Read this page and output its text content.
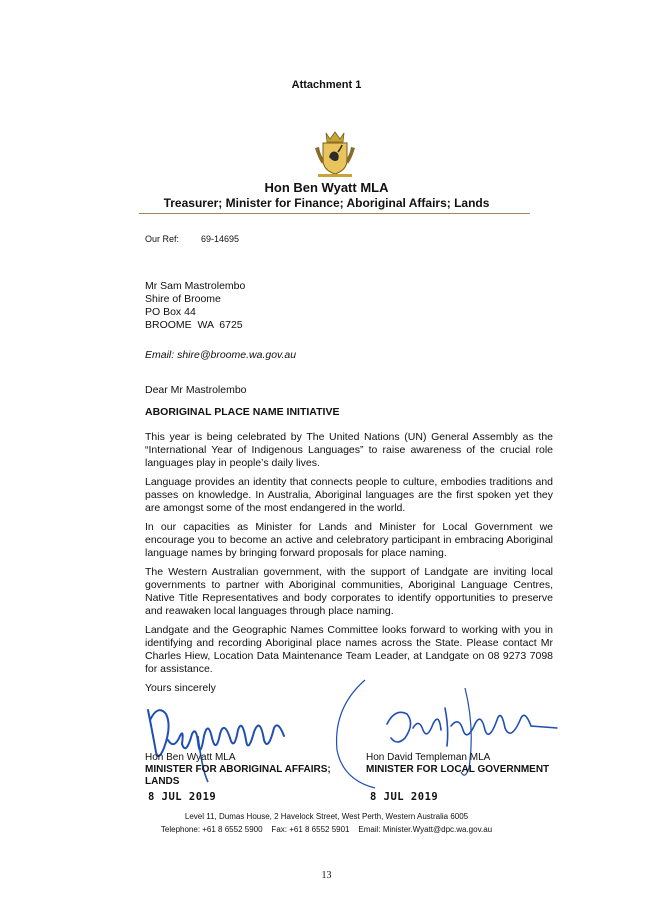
Attachment 1
Hon Ben Wyatt MLA
Treasurer; Minister for Finance; Aboriginal Affairs; Lands
Our Ref: 69-14695
Mr Sam Mastrolembo
Shire of Broome
PO Box 44
BROOME  WA  6725
Email: shire@broome.wa.gov.au
Dear Mr Mastrolembo
ABORIGINAL PLACE NAME INITIATIVE
This year is being celebrated by The United Nations (UN) General Assembly as the “International Year of Indigenous Languages” to raise awareness of the crucial role languages play in people’s daily lives.
Language provides an identity that connects people to culture, embodies traditions and passes on knowledge. In Australia, Aboriginal languages are the first spoken yet they are amongst some of the most endangered in the world.
In our capacities as Minister for Lands and Minister for Local Government we encourage you to become an active and celebratory participant in embracing Aboriginal language names by bringing forward proposals for place naming.
The Western Australian government, with the support of Landgate are inviting local governments to partner with Aboriginal communities, Aboriginal Language Centres, Native Title Representatives and body corporates to identify opportunities to preserve and reawaken local languages through place naming.
Landgate and the Geographic Names Committee looks forward to working with you in identifying and recording Aboriginal place names across the State. Please contact Mr Charles Hiew, Location Data Maintenance Team Leader, at Landgate on 08 9273 7098 for assistance.
Yours sincerely
Hon Ben Wyatt MLA
MINISTER FOR ABORIGINAL AFFAIRS;
LANDS
Hon David Templeman MLA
MINISTER FOR LOCAL GOVERNMENT
8 JUL 2019	8 JUL 2019
Level 11, Dumas House, 2 Havelock Street, West Perth, Western Australia 6005
Telephone: +61 8 6552 5900    Fax: +61 8 6552 5901    Email: Minister.Wyatt@dpc.wa.gov.au
13
